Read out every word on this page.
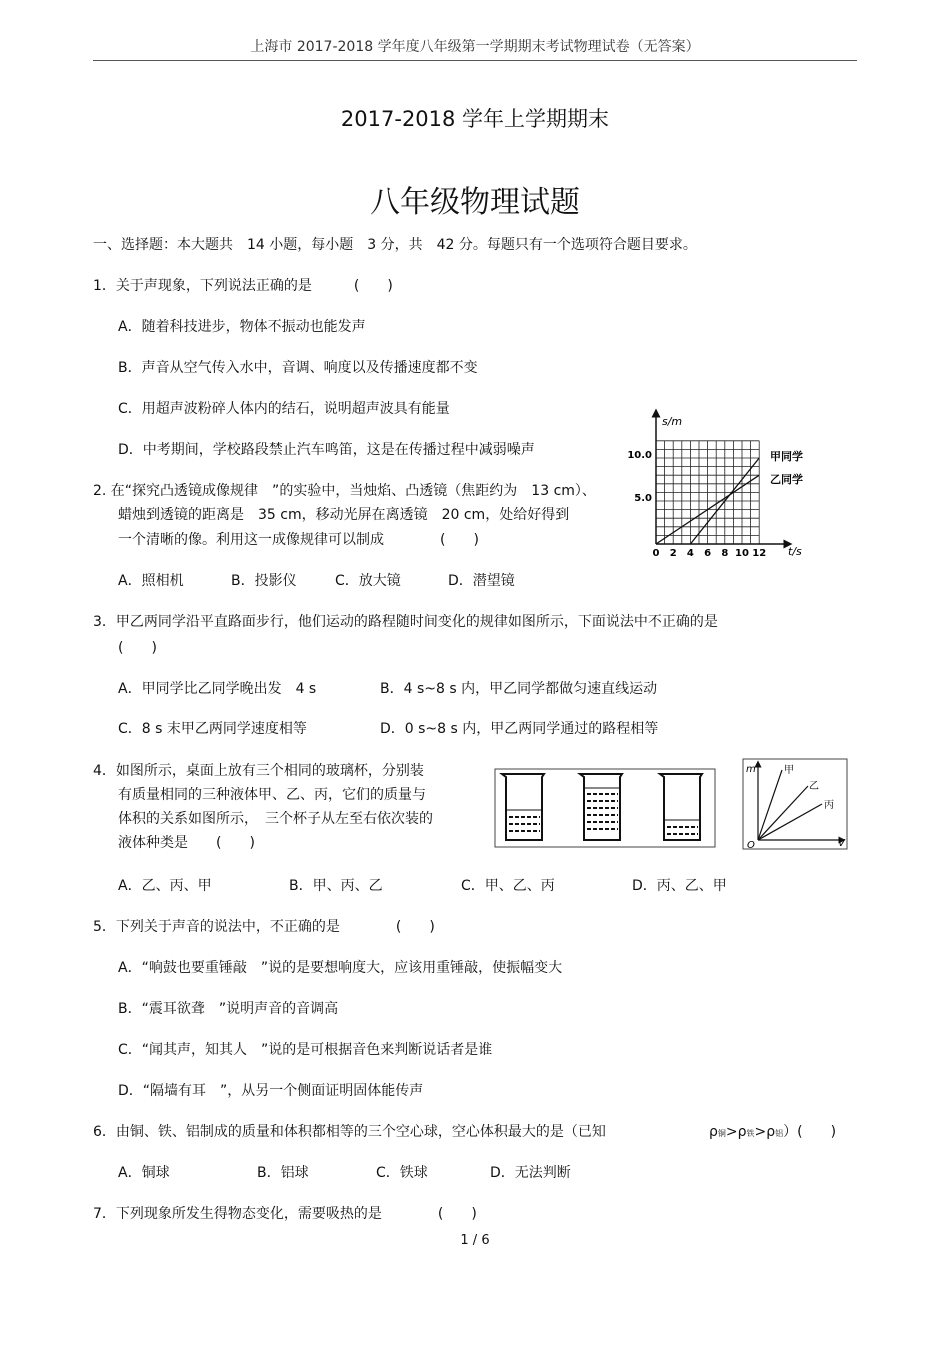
上海市 2017-2018 学年度八年级第一学期期末考试物理试卷（无答案）
2017-2018 学年上学期期末
八年级物理试题
一、选择题：本大题共　14 小题，每小题　3 分，共　42 分。每题只有一个选项符合题目要求。
1．关于声现象，下列说法正确的是　　　(　　)
A．随着科技进步，物体不振动也能发声
B．声音从空气传入水中，音调、响度以及传播速度都不变
C．用超声波粉碎人体内的结石，说明超声波具有能量
D．中考期间，学校路段禁止汽车鸣笛，这是在传播过程中减弱噪声
2. 在“探究凸透镜成像规律　”的实验中，当烛焰、凸透镜（焦距约为　13 cm）、
蜡烛到透镜的距离是　35 cm，移动光屏在离透镜　20 cm，处给好得到
一个清晰的像。利用这一成像规律可以制成　　　　(　　)
A．照相机	B．投影仪	C．放大镜	D．潜望镜
s/m
t/s
5.0
10.0
0 2 4 6 8 10 12
甲同学
乙同学
3．甲乙两同学沿平直路面步行，他们运动的路程随时间变化的规律如图所示，下面说法中不正确的是
(　　)
A．甲同学比乙同学晚出发　4 s	B．4 s~8 s 内，甲乙同学都做匀速直线运动
C．8 s 末甲乙两同学速度相等	D．0 s~8 s 内，甲乙两同学通过的路程相等
4．如图所示，桌面上放有三个相同的玻璃杯，分别装
有质量相同的三种液体甲、乙、丙，它们的质量与
体积的关系如图所示，　三个杯子从左至右依次装的
液体种类是　　(　　)
m
V
O
甲
乙
丙
A．乙、丙、甲	B．甲、丙、乙	C．甲、乙、丙	D．丙、乙、甲
5．下列关于声音的说法中，不正确的是　　　　(　　)
A．“响鼓也要重锤敲　”说的是要想响度大，应该用重锤敲，使振幅变大
B．“震耳欲聋　”说明声音的音调高
C．“闻其声，知其人　”说的是可根据音色来判断说话者是谁
D．“隔墙有耳　”，从另一个侧面证明固体能传声
6．由铜、铁、铝制成的质量和体积都相等的三个空心球，空心体积最大的是（已知	ρ铜>ρ铁>ρ铝）(　　)
A．铜球	B．铝球	C．铁球	D．无法判断
7．下列现象所发生得物态变化，需要吸热的是　　　　(　　)
1 / 6
